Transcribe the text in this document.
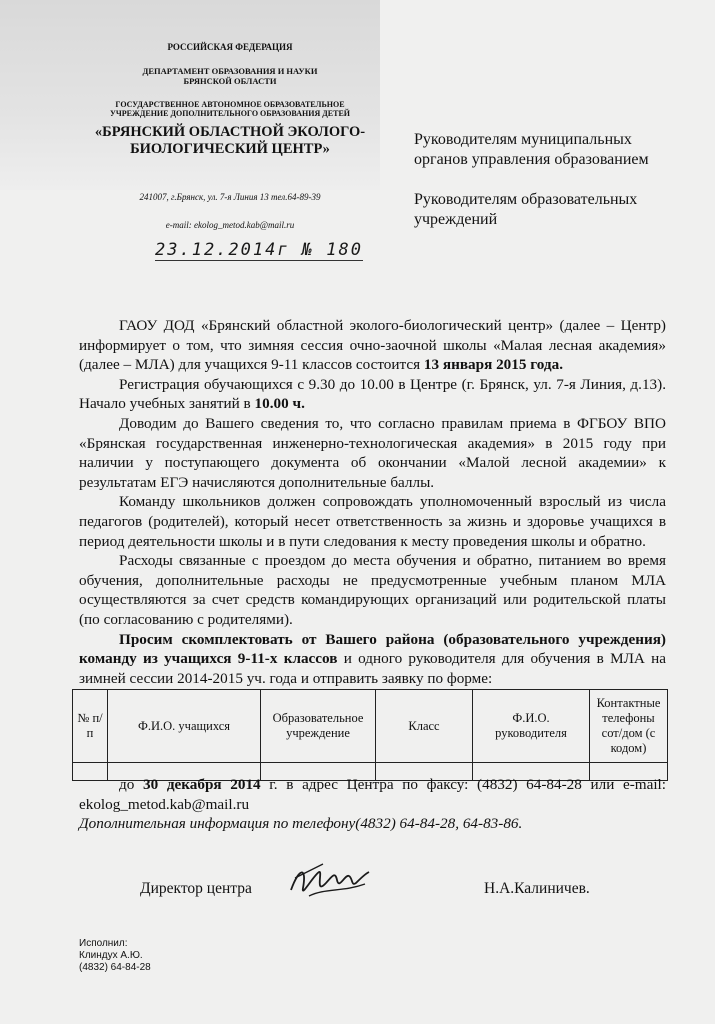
РОССИЙСКАЯ ФЕДЕРАЦИЯ
ДЕПАРТАМЕНТ ОБРАЗОВАНИЯ И НАУКИ
БРЯНСКОЙ ОБЛАСТИ
ГОСУДАРСТВЕННОЕ АВТОНОМНОЕ ОБРАЗОВАТЕЛЬНОЕ
УЧРЕЖДЕНИЕ ДОПОЛНИТЕЛЬНОГО ОБРАЗОВАНИЯ ДЕТЕЙ
«БРЯНСКИЙ ОБЛАСТНОЙ ЭКОЛОГО-
БИОЛОГИЧЕСКИЙ ЦЕНТР»
241007, г.Брянск, ул. 7-я Линия 13 тел.64-89-39
e-mail: ekolog_metod.kab@mail.ru
23.12.2014г № 180
Руководителям муниципальных
органов управления образованием
Руководителям образовательных
учреждений

ГАОУ ДОД «Брянский областной эколого-биологический центр» (далее – Центр) информирует о том, что зимняя сессия очно-заочной школы «Малая лесная академия» (далее – МЛА) для учащихся 9-11 классов состоится 13 января 2015 года.

Регистрация обучающихся с 9.30 до 10.00 в Центре (г. Брянск, ул. 7-я Линия, д.13). Начало учебных занятий в 10.00 ч.

Доводим до Вашего сведения то, что согласно правилам приема в ФГБОУ ВПО «Брянская государственная инженерно-технологическая академия» в 2015 году при наличии у поступающего документа об окончании «Малой лесной академии» к результатам ЕГЭ начисляются дополнительные баллы.

Команду школьников должен сопровождать уполномоченный взрослый из числа педагогов (родителей), который несет ответственность за жизнь и здоровье учащихся в период деятельности школы и в пути следования к месту проведения школы и обратно.

Расходы связанные с проездом до места обучения и обратно, питанием во время обучения, дополнительные расходы не предусмотренные учебным планом МЛА осуществляются за счет средств командирующих организаций или родительской платы (по согласованию с родителями).

Просим скомплектовать от Вашего района (образовательного учреждения) команду из учащихся 9-11-х классов и одного руководителя для обучения в МЛА на зимней сессии 2014-2015 уч. года и отправить заявку по форме:

№ п/п	Ф.И.О. учащихся	Образовательное учреждение	Класс	Ф.И.О. руководителя	Контактные телефоны сот/дом (с кодом)

до 30 декабря 2014 г. в адрес Центра по факсу: (4832) 64-84-28 или e-mail: ekolog_metod.kab@mail.ru

Дополнительная информация по телефону(4832) 64-84-28, 64-83-86.

Директор центра	Н.А.Калиничев.
Исполнил:
Клиндух А.Ю.
(4832) 64-84-28
